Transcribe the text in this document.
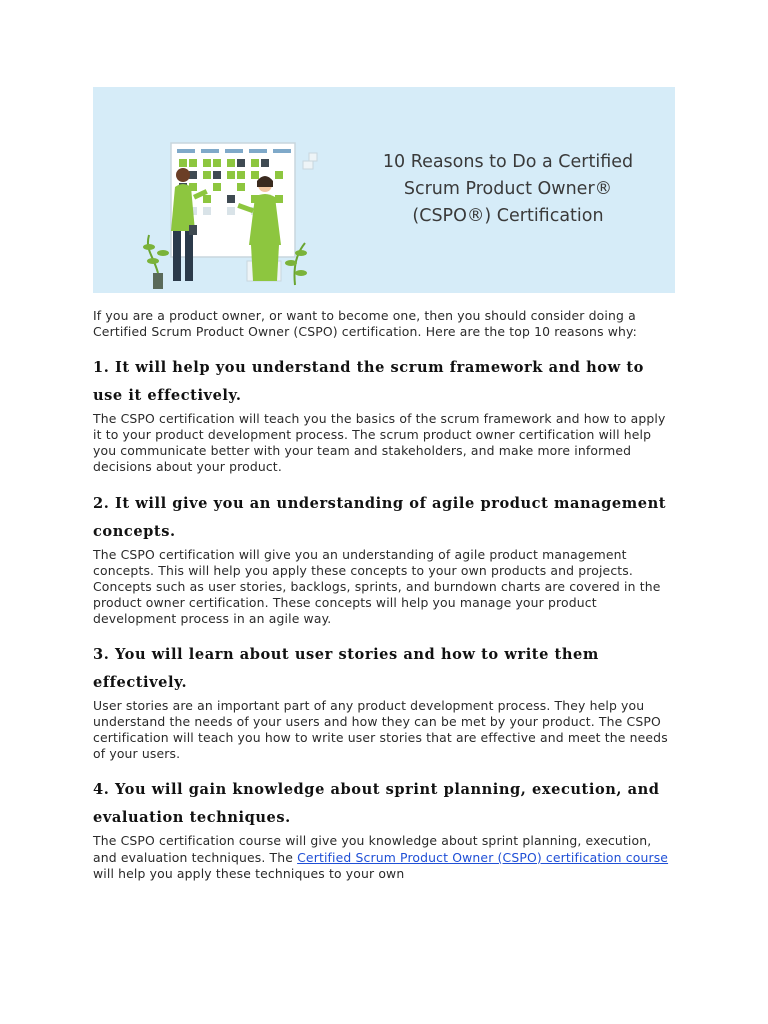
10 Reasons to Do a Certified
Scrum Product Owner®
(CSPO®) Certification

If you are a product owner, or want to become one, then you should consider doing a Certified Scrum Product Owner (CSPO) certification. Here are the top 10 reasons why:

1. It will help you understand the scrum framework and how to use it effectively.

The CSPO certification will teach you the basics of the scrum framework and how to apply it to your product development process. The scrum product owner certification will help you communicate better with your team and stakeholders, and make more informed decisions about your product.

2. It will give you an understanding of agile product management concepts.

The CSPO certification will give you an understanding of agile product management concepts. This will help you apply these concepts to your own products and projects. Concepts such as user stories, backlogs, sprints, and burndown charts are covered in the product owner certification. These concepts will help you manage your product development process in an agile way.

3. You will learn about user stories and how to write them effectively.

User stories are an important part of any product development process. They help you understand the needs of your users and how they can be met by your product. The CSPO certification will teach you how to write user stories that are effective and meet the needs of your users.

4. You will gain knowledge about sprint planning, execution, and evaluation techniques.

The CSPO certification course will give you knowledge about sprint planning, execution, and evaluation techniques. The Certified Scrum Product Owner (CSPO) certification course will help you apply these techniques to your own
